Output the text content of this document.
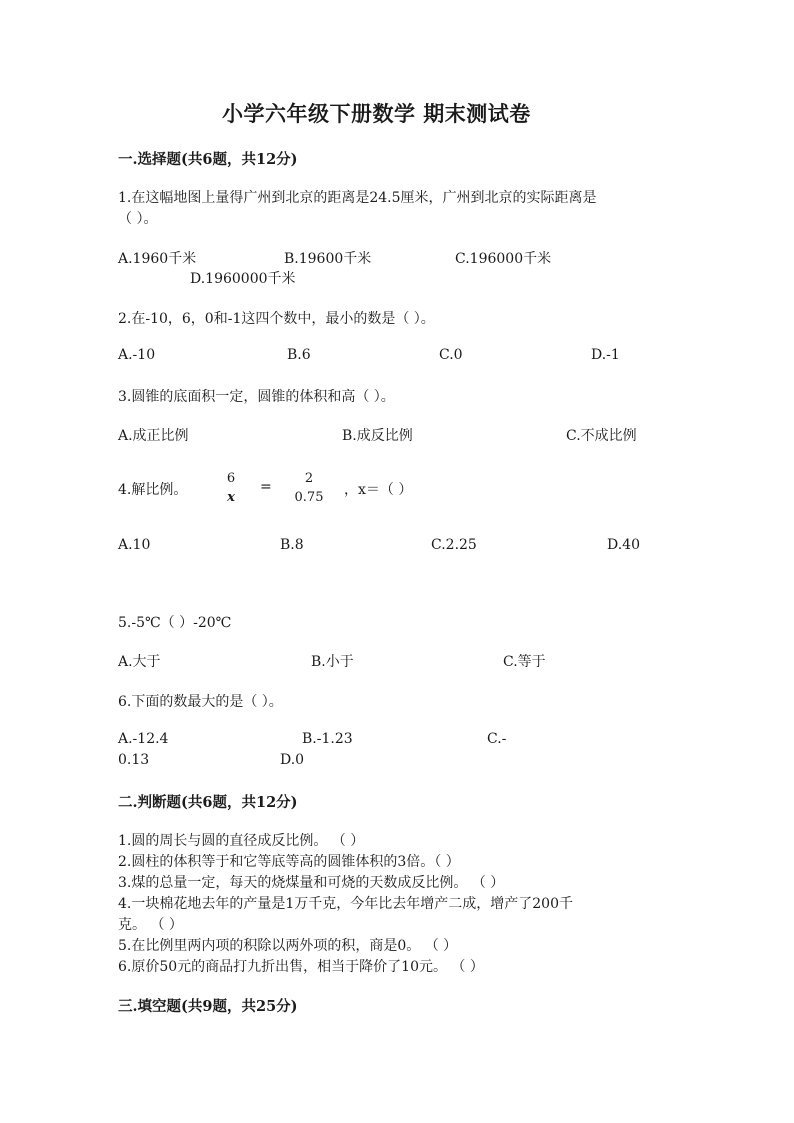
小学六年级下册数学 期末测试卷
一.选择题(共6题，共12分)
1.在这幅地图上量得广州到北京的距离是24.5厘米，广州到北京的实际距离是
（ ）。
A.1960千米	B.19600千米	C.196000千米
D.1960000千米
2.在-10，6，0和-1这四个数中，最小的数是（ ）。
A.-10	B.6	C.0	D.-1
3.圆锥的底面积一定，圆锥的体积和高（ ）。
A.成正比例	B.成反比例	C.不成比例
4.解比例。
6
x
=
2
0.75 ，x＝（ ）
A.10	B.8	C.2.25	D.40
5.-5℃（ ）-20℃
A.大于	B.小于	C.等于
6.下面的数最大的是（ ）。
A.-12.4	B.-1.23	C.-
0.13	D.0
二.判断题(共6题，共12分)
1.圆的周长与圆的直径成反比例。 （ ）
2.圆柱的体积等于和它等底等高的圆锥体积的3倍。（ ）
3.煤的总量一定，每天的烧煤量和可烧的天数成反比例。 （ ）
4.一块棉花地去年的产量是1万千克，今年比去年增产二成，增产了200千
克。 （ ）
5.在比例里两内项的积除以两外项的积，商是0。 （ ）
6.原价50元的商品打九折出售，相当于降价了10元。 （ ）
三.填空题(共9题，共25分)
